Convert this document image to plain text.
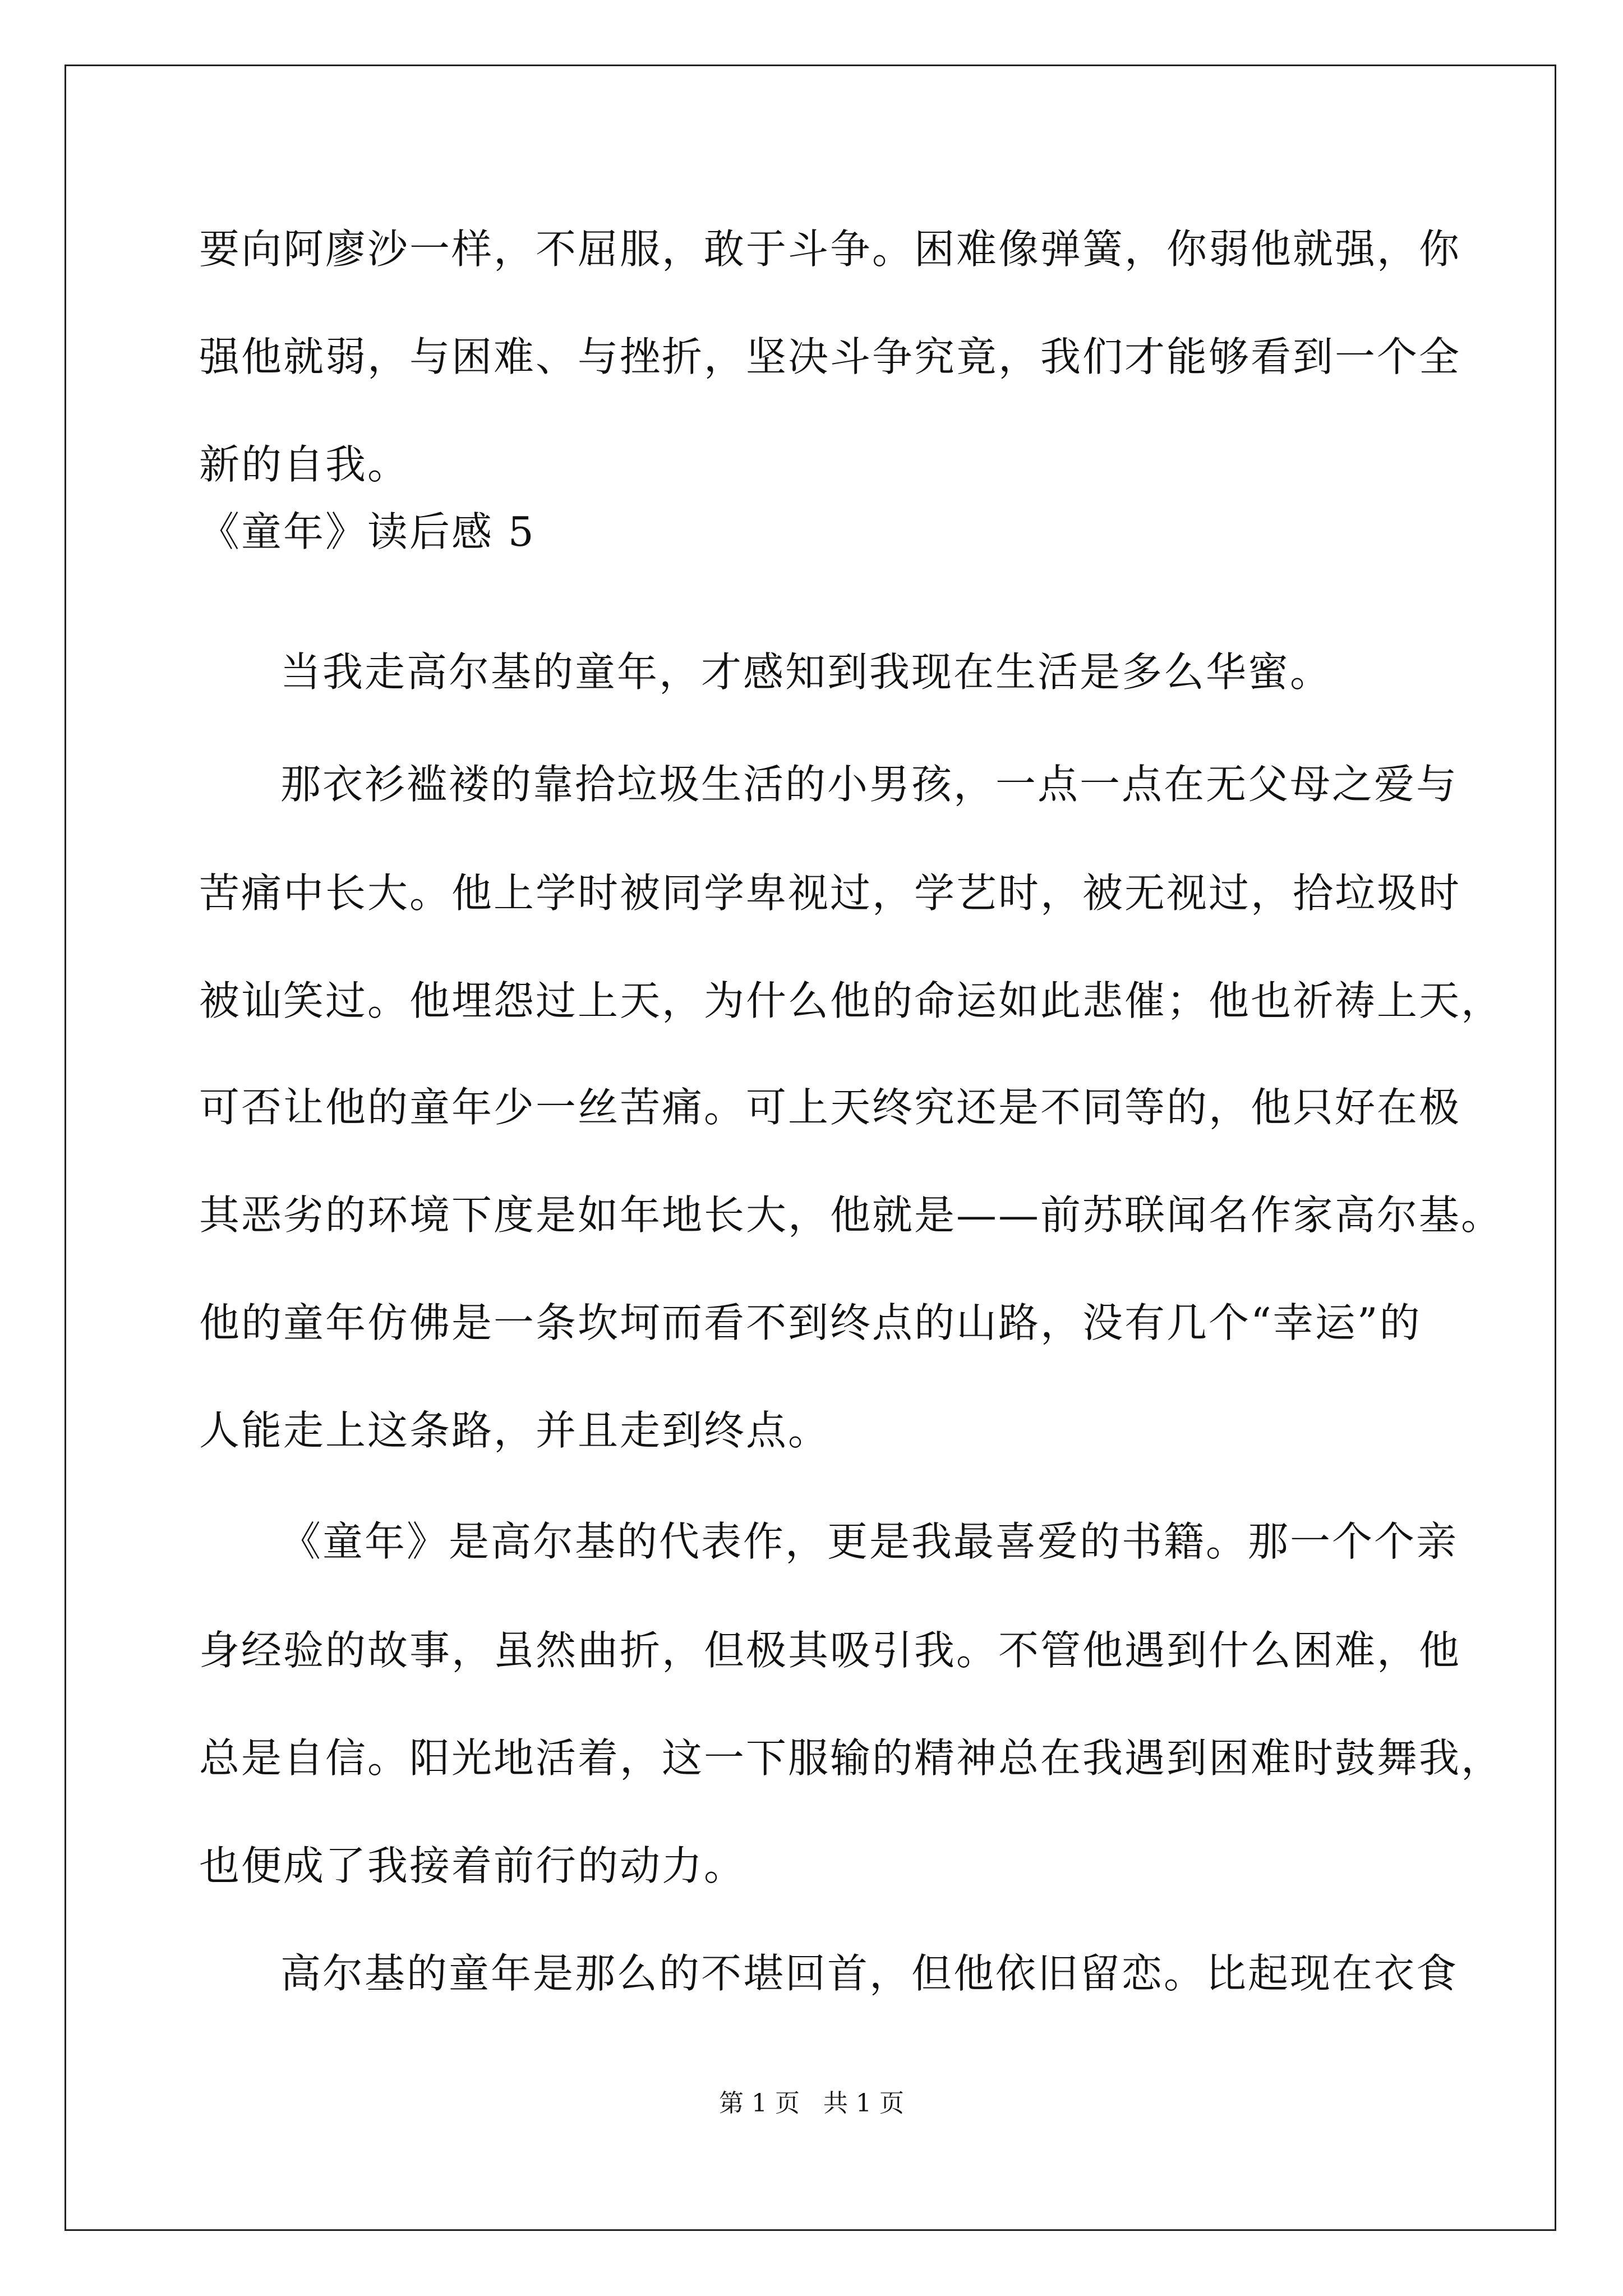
要向阿廖沙一样，不屈服，敢于斗争。困难像弹簧，你弱他就强，你
强他就弱，与困难、与挫折，坚决斗争究竟，我们才能够看到一个全
新的自我。
《童年》读后感 5
当我走高尔基的童年，才感知到我现在生活是多么华蜜。
那衣衫褴褛的靠拾垃圾生活的小男孩，一点一点在无父母之爱与
苦痛中长大。他上学时被同学卑视过，学艺时，被无视过，拾垃圾时
被讪笑过。他埋怨过上天，为什么他的命运如此悲催；他也祈祷上天，
可否让他的童年少一丝苦痛。可上天终究还是不同等的，他只好在极
其恶劣的环境下度是如年地长大，他就是——前苏联闻名作家高尔基。
他的童年仿佛是一条坎坷而看不到终点的山路，没有几个“幸运”的
人能走上这条路，并且走到终点。
《童年》是高尔基的代表作，更是我最喜爱的书籍。那一个个亲
身经验的故事，虽然曲折，但极其吸引我。不管他遇到什么困难，他
总是自信。阳光地活着，这一下服输的精神总在我遇到困难时鼓舞我，
也便成了我接着前行的动力。
高尔基的童年是那么的不堪回首，但他依旧留恋。比起现在衣食
第 1 页   共 1 页
